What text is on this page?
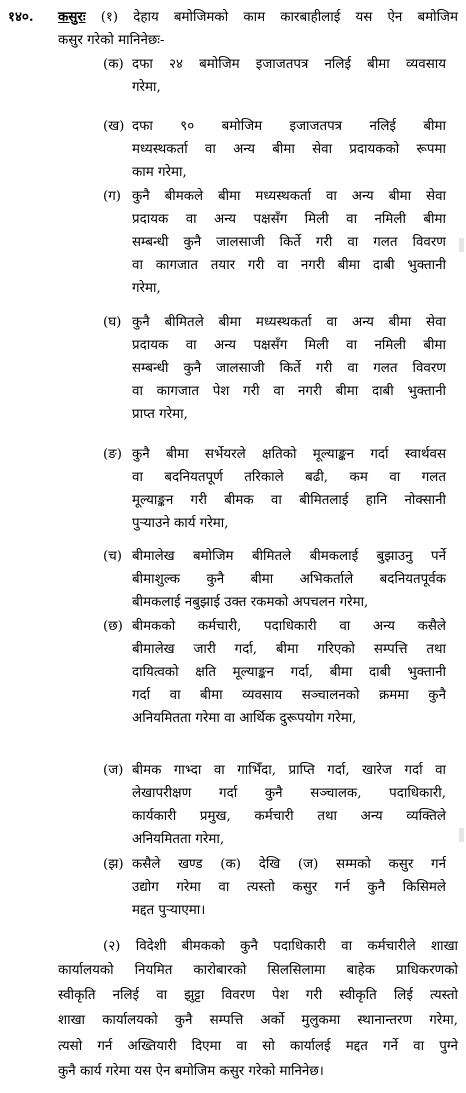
१४०. कसुरः (१) देहाय बमोजिमको काम कारबाहीलाई यस ऐन बमोजिम
कसुर गरेको मानिनेछः-
(क) दफा २४ बमोजिम इजाजतपत्र नलिई बीमा व्यवसाय
गरेमा,
(ख) दफा ९० बमोजिम इजाजतपत्र नलिई बीमा
मध्यस्थकर्ता वा अन्य बीमा सेवा प्रदायकको रूपमा
काम गरेमा,
(ग) कुनै बीमकले बीमा मध्यस्थकर्ता वा अन्य बीमा सेवा
प्रदायक वा अन्य पक्षसँग मिली वा नमिली बीमा
सम्बन्धी कुनै जालसाजी किर्ते गरी वा गलत विवरण
वा कागजात तयार गरी वा नगरी बीमा दाबी भुक्तानी
गरेमा,
(घ) कुनै बीमितले बीमा मध्यस्थकर्ता वा अन्य बीमा सेवा
प्रदायक वा अन्य पक्षसँग मिली वा नमिली बीमा
सम्बन्धी कुनै जालसाजी किर्ते गरी वा गलत विवरण
वा कागजात पेश गरी वा नगरी बीमा दाबी भुक्तानी
प्राप्त गरेमा,
(ङ) कुनै बीमा सर्भेयरले क्षतिको मूल्याङ्कन गर्दा स्वार्थवस
वा बदनियतपूर्ण तरिकाले बढी, कम वा गलत
मूल्याङ्कन गरी बीमक वा बीमितलाई हानि नोक्सानी
पुऱ्याउने कार्य गरेमा,
(च) बीमालेख बमोजिम बीमितले बीमकलाई बुझाउनु पर्ने
बीमाशुल्क कुनै बीमा अभिकर्ताले बदनियतपूर्वक
बीमकलाई नबुझाई उक्त रकमको अपचलन गरेमा,
(छ) बीमकको कर्मचारी, पदाधिकारी वा अन्य कसैले
बीमालेख जारी गर्दा, बीमा गरिएको सम्पत्ति तथा
दायित्वको क्षति मूल्याङ्कन गर्दा, बीमा दाबी भुक्तानी
गर्दा वा बीमा व्यवसाय सञ्चालनको क्रममा कुनै
अनियमितता गरेमा वा आर्थिक दुरूपयोग गरेमा,
(ज) बीमक गाभ्दा वा गाभिँदा, प्राप्ति गर्दा, खारेज गर्दा वा
लेखापरीक्षण गर्दा कुनै सञ्चालक, पदाधिकारी,
कार्यकारी प्रमुख, कर्मचारी तथा अन्य व्यक्तिले
अनियमितता गरेमा,
(झ) कसैले खण्ड (क) देखि (ज) सम्मको कसुर गर्न
उद्योग गरेमा वा त्यस्तो कसुर गर्न कुनै किसिमले
मद्दत पुऱ्याएमा।
(२) विदेशी बीमकको कुनै पदाधिकारी वा कर्मचारीले शाखा
कार्यालयको नियमित कारोबारको सिलसिलामा बाहेक प्राधिकरणको
स्वीकृति नलिई वा झुट्टा विवरण पेश गरी स्वीकृति लिई त्यस्तो
शाखा कार्यालयको कुनै सम्पत्ति अर्को मुलुकमा स्थानान्तरण गरेमा,
त्यसो गर्न अख्तियारी दिएमा वा सो कार्यालई मद्दत गर्ने वा पुग्ने
कुनै कार्य गरेमा यस ऐन बमोजिम कसुर गरेको मानिनेछ।
